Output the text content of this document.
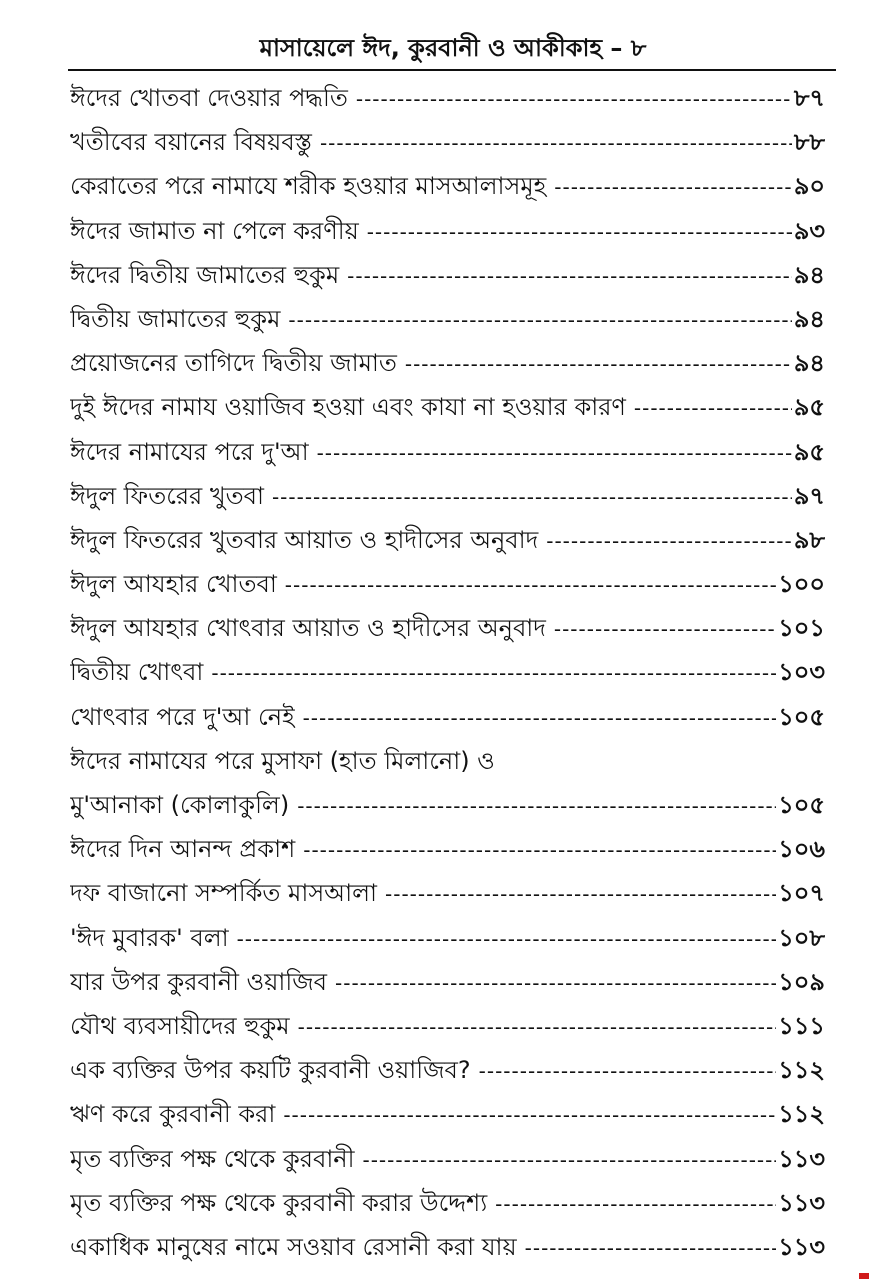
মাসায়েলে ঈদ, কুরবানী ও আকীকাহ – ৮
ঈদের খোতবা দেওয়ার পদ্ধতি -----	৮৭
খতীবের বয়ানের বিষয়বস্তু -----	৮৮
কেরাতের পরে নামাযে শরীক হওয়ার মাসআলাসমূহ -----	৯০
ঈদের জামাত না পেলে করণীয় -----	৯৩
ঈদের দ্বিতীয় জামাতের হুকুম -----	৯৪
দ্বিতীয় জামাতের হুকুম -----	৯৪
প্রয়োজনের তাগিদে দ্বিতীয় জামাত -----	৯৪
দুই ঈদের নামায ওয়াজিব হওয়া এবং কাযা না হওয়ার কারণ -----	৯৫
ঈদের নামাযের পরে দু'আ -----	৯৫
ঈদুল ফিতরের খুতবা -----	৯৭
ঈদুল ফিতরের খুতবার আয়াত ও হাদীসের অনুবাদ -----	৯৮
ঈদুল আযহার খোতবা -----	১০০
ঈদুল আযহার খোৎবার আয়াত ও হাদীসের অনুবাদ -----	১০১
দ্বিতীয় খোৎবা -----	১০৩
খোৎবার পরে দু'আ নেই -----	১০৫
ঈদের নামাযের পরে মুসাফা (হাত মিলানো) ও
মু'আনাকা (কোলাকুলি) -----	১০৫
ঈদের দিন আনন্দ প্রকাশ -----	১০৬
দফ বাজানো সম্পর্কিত মাসআলা -----	১০৭
'ঈদ মুবারক' বলা -----	১০৮
যার উপর কুরবানী ওয়াজিব -----	১০৯
যৌথ ব্যবসায়ীদের হুকুম -----	১১১
এক ব্যক্তির উপর কয়টি কুরবানী ওয়াজিব? -----	১১২
ঋণ করে কুরবানী করা -----	১১২
মৃত ব্যক্তির পক্ষ থেকে কুরবানী -----	১১৩
মৃত ব্যক্তির পক্ষ থেকে কুরবানী করার উদ্দেশ্য -----	১১৩
একাধিক মানুষের নামে সওয়াব রেসানী করা যায় -----	১১৩
